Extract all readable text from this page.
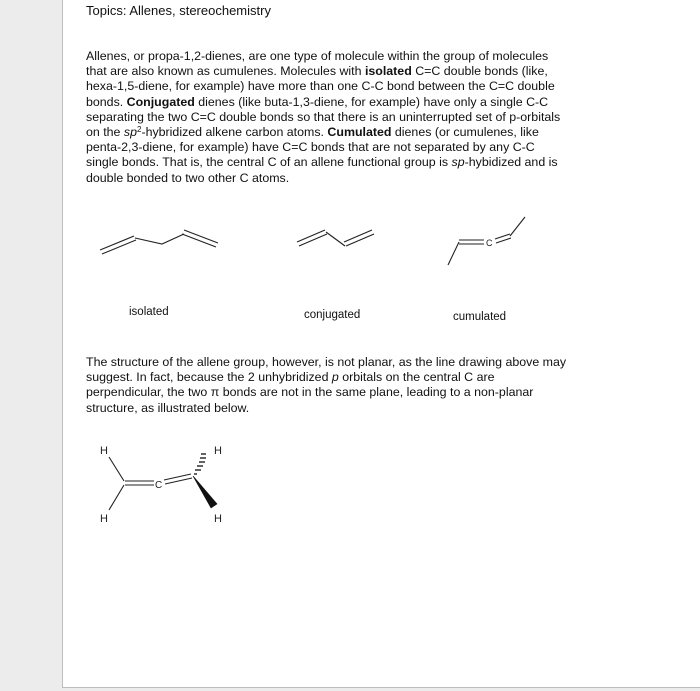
Topics: Allenes, stereochemistry
Allenes, or propa-1,2-dienes, are one type of molecule within the group of molecules
that are also known as cumulenes. Molecules with isolated C=C double bonds (like,
hexa-1,5-diene, for example) have more than one C-C bond between the C=C double
bonds. Conjugated dienes (like buta-1,3-diene, for example) have only a single C-C
separating the two C=C double bonds so that there is an uninterrupted set of p-orbitals
on the $sp^2$-hybridized alkene carbon atoms. Cumulated dienes (or cumulenes, like
penta-2,3-diene, for example) have C=C bonds that are not separated by any C-C
single bonds. That is, the central C of an allene functional group is sp-hybidized and is
double bonded to two other C atoms.
C
isolated	conjugated	cumulated
The structure of the allene group, however, is not planar, as the line drawing above may
suggest. In fact, because the 2 unhybridized p orbitals on the central C are
perpendicular, the two π bonds are not in the same plane, leading to a non-planar
structure, as illustrated below.
H
H
H
H
C
